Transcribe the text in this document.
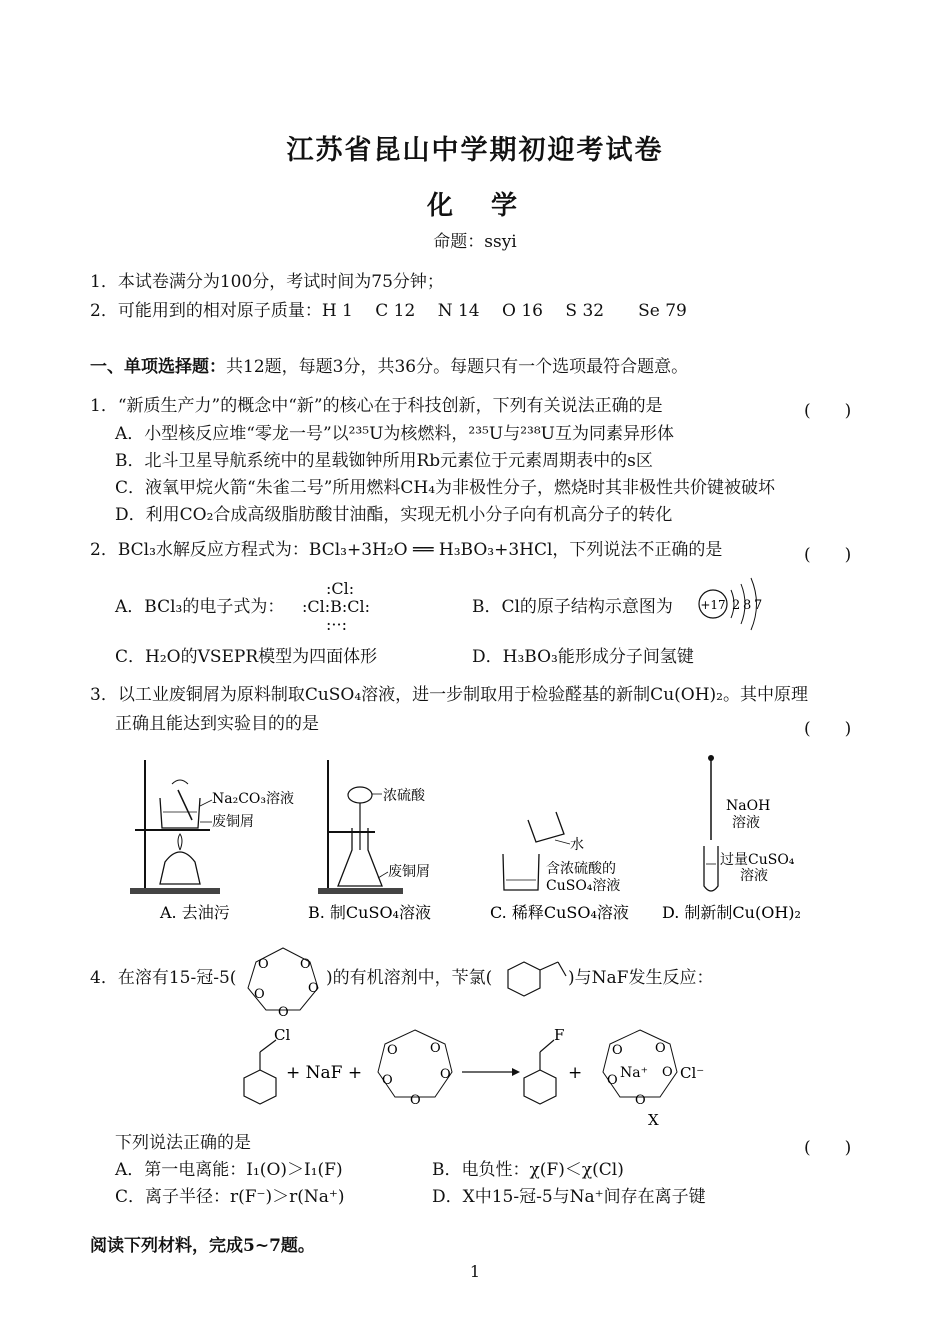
江苏省昆山中学期初迎考试卷
化　学
命题：ssyi
1．本试卷满分为100分，考试时间为75分钟；
2．可能用到的相对原子质量：H 1　 C 12　 N 14　 O 16　 S 32　　Se 79
一、单项选择题：共12题，每题3分，共36分。每题只有一个选项最符合题意。
1．“新质生产力”的概念中“新”的核心在于科技创新，下列有关说法正确的是	(　　)
A．小型核反应堆“零龙一号”以²³⁵U为核燃料，²³⁵U与²³⁸U互为同素异形体
B．北斗卫星导航系统中的星载铷钟所用Rb元素位于元素周期表中的s区
C．液氧甲烷火箭“朱雀二号”所用燃料CH₄为非极性分子，燃烧时其非极性共价键被破坏
D．利用CO₂合成高级脂肪酸甘油酯，实现无机小分子向有机高分子的转化
2．BCl₃水解反应方程式为：BCl₃+3H₂O ══ H₃BO₃+3HCl，下列说法不正确的是	(　　)
A．BCl₃的电子式为：
:Cl:
:Cl:B:Cl:
:··:
B．Cl的原子结构示意图为 +17 2 8 7
C．H₂O的VSEPR模型为四面体形	D．H₃BO₃能形成分子间氢键
3．以工业废铜屑为原料制取CuSO₄溶液，进一步制取用于检验醛基的新制Cu(OH)₂。其中原理
正确且能达到实验目的的是	(　　)
Na₂CO₃溶液
废铜屑
浓硫酸
废铜屑
水
含浓硫酸的
CuSO₄溶液
NaOH
溶液
过量CuSO₄
溶液
A. 去油污	B. 制CuSO₄溶液	C. 稀释CuSO₄溶液 D. 制新制Cu(OH)₂
4．在溶有15-冠-5(
O O
O
O
O
)的有机溶剂中，苄氯(	)与NaF发生反应：
Cl
+ NaF +
O O
O
O
O
F
+
O O
O
O
O
Na⁺ Cl⁻
X
下列说法正确的是	(　　)
A．第一电离能：I₁(O)＞I₁(F)	B．电负性：χ(F)＜χ(Cl)
C．离子半径：r(F⁻)＞r(Na⁺)	D．X中15-冠-5与Na⁺间存在离子键
阅读下列材料，完成5~7题。
1
